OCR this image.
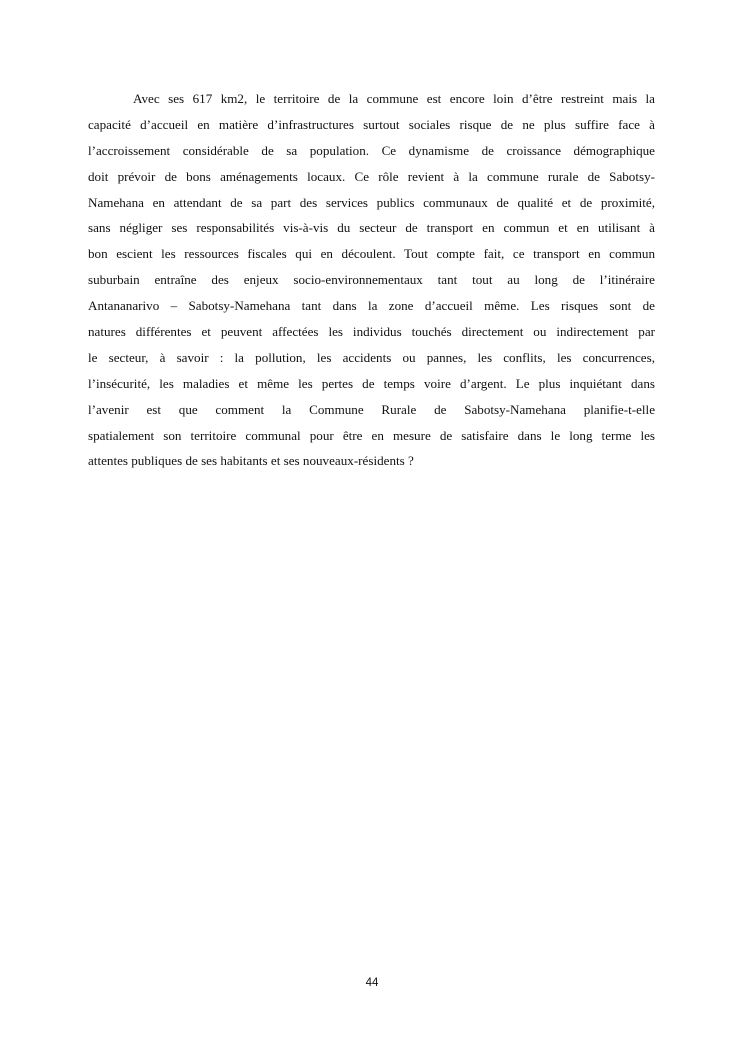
Avec ses 617 km2, le territoire de la commune est encore loin d’être restreint mais la
capacité d’accueil en matière d’infrastructures surtout sociales risque de ne plus suffire face à
l’accroissement considérable de sa population. Ce dynamisme de croissance démographique
doit prévoir de bons aménagements locaux. Ce rôle revient à la commune rurale de Sabotsy-
Namehana en attendant de sa part des services publics communaux de qualité et de proximité,
sans négliger ses responsabilités vis-à-vis du secteur de transport en commun et en utilisant à
bon escient les ressources fiscales qui en découlent. Tout compte fait, ce transport en commun
suburbain entraîne des enjeux socio-environnementaux tant tout au long de l’itinéraire
Antananarivo – Sabotsy-Namehana tant dans la zone d’accueil même. Les risques sont de
natures différentes et peuvent affectées les individus touchés directement ou indirectement par
le secteur, à savoir : la pollution, les accidents ou pannes, les conflits, les concurrences,
l’insécurité, les maladies et même les pertes de temps voire d’argent. Le plus inquiétant dans
l’avenir est que comment la Commune Rurale de Sabotsy-Namehana planifie-t-elle
spatialement son territoire communal pour être en mesure de satisfaire dans le long terme les
attentes publiques de ses habitants et ses nouveaux-résidents ?
44
